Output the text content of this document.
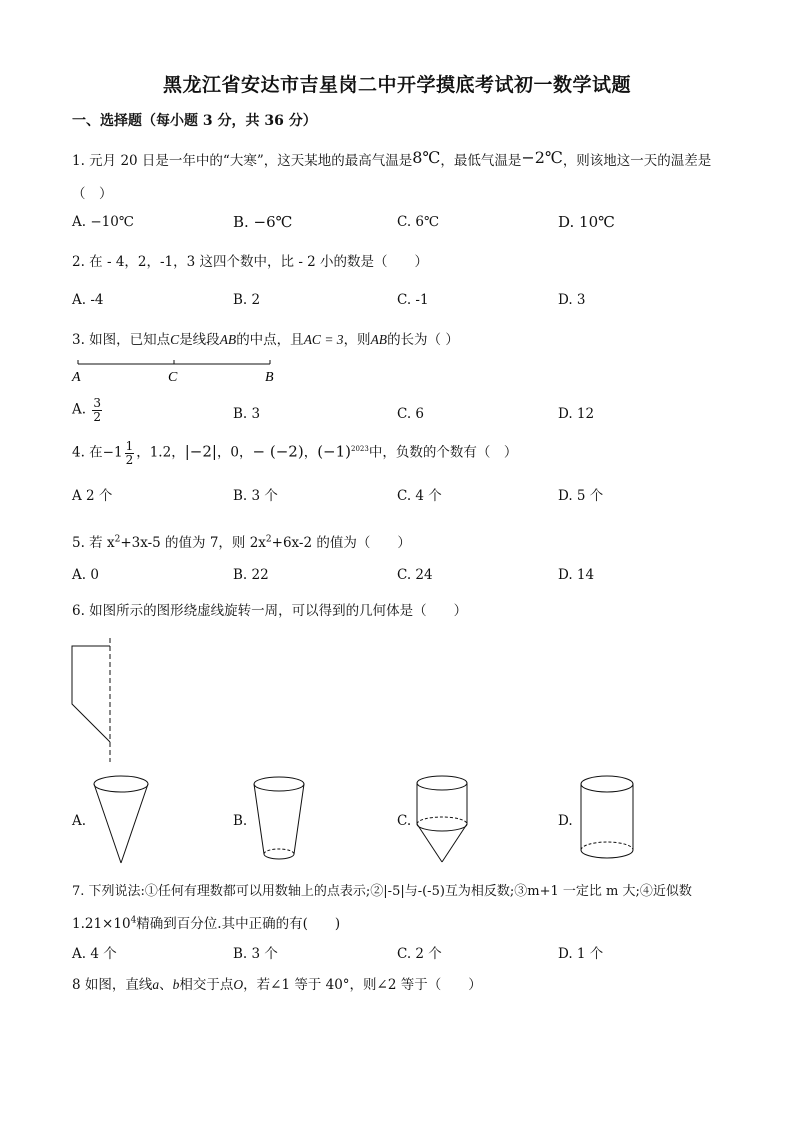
黑龙江省安达市吉星岗二中开学摸底考试初一数学试题
一、选择题（每小题 3 分，共 36 分）
1. 元月 20 日是一年中的“大寒”，这天某地的最高气温是8℃，最低气温是−2℃，则该地这一天的温差是
（　）
A. −10℃	B. −6℃	C. 6℃	D. 10℃
2. 在 - 4，2，-1，3 这四个数中，比 - 2 小的数是（　　）
A. -4	B. 2	C. -1	D. 3
3. 如图，已知点C是线段AB的中点，且AC = 3，则AB的长为（ ）
A	C	B
A. $\frac{3}{2}$	B. 3	C. 6	D. 12
4. 在$-1 \frac{1}{2}$ ，1.2，|−2|，0，− (−2)，$(-1)^{2023}$中，负数的个数有（　）
A 2 个	B. 3 个	C. 4 个	D. 5 个
5. 若 $x^2+3x-5$ 的值为 7，则 $2x^2+6x-2$ 的值为（　　）
A. 0	B. 22	C. 24	D. 14
6. 如图所示的图形绕虚线旋转一周，可以得到的几何体是（　　）
A.	B.	C.	D.
7. 下列说法:①任何有理数都可以用数轴上的点表示;②|-5|与-(-5)互为相反数;③m+1 一定比 m 大;④近似数
$1.21\times 10^4$精确到百分位.其中正确的有(　　)
A. 4 个	B. 3 个	C. 2 个	D. 1 个
8 如图，直线a、b相交于点O，若∠1 等于 40°，则∠2 等于（　　）
